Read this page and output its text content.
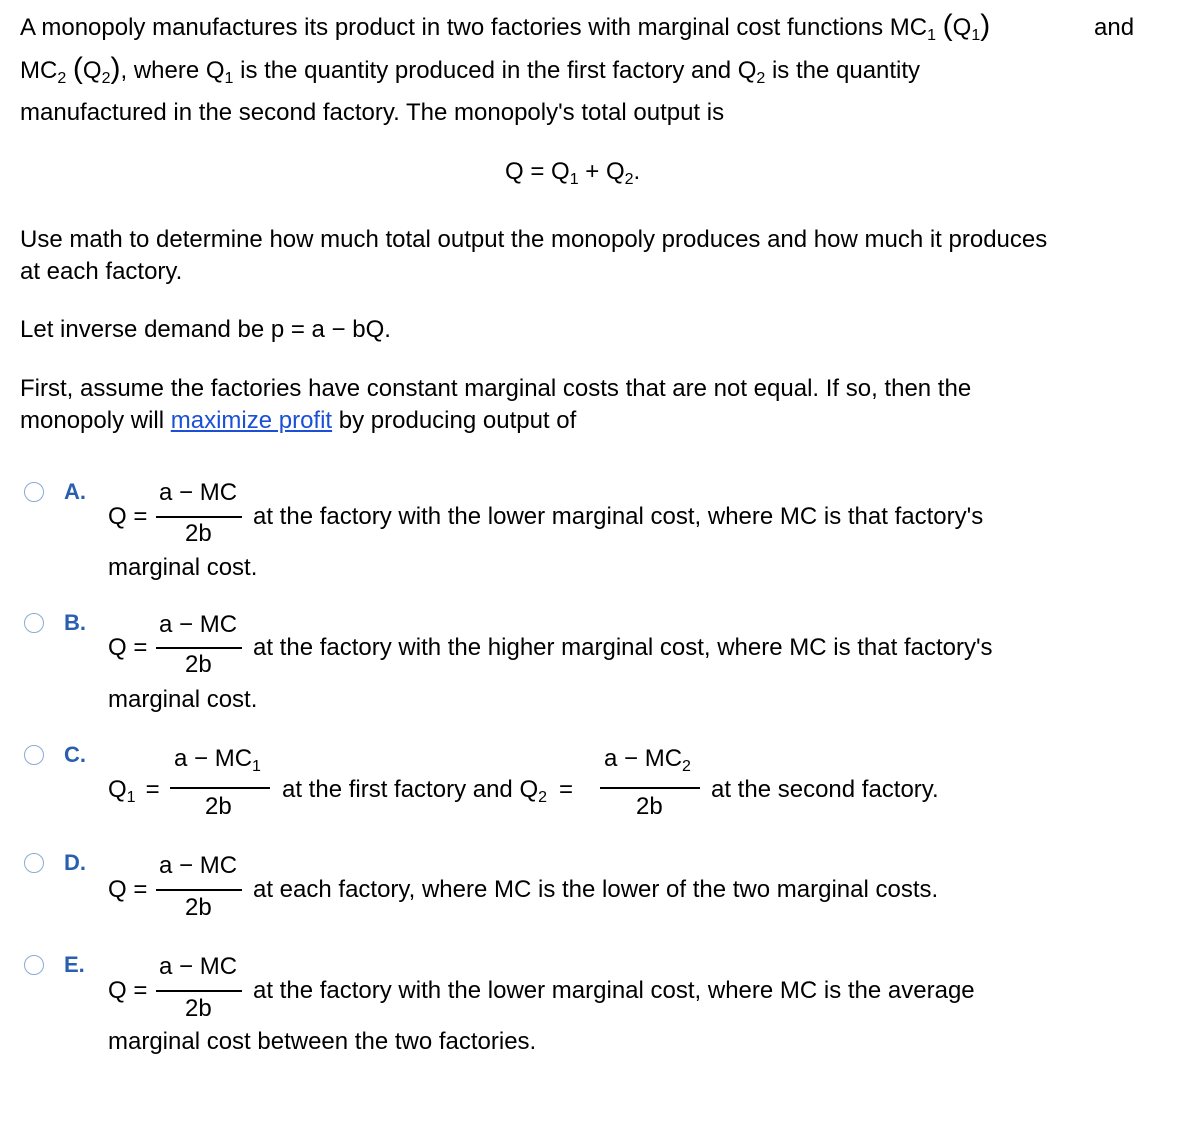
A monopoly manufactures its product in two factories with marginal cost functions $MC_1$ $(Q_1)$	and
$MC_2$ $(Q_2)$, where $Q_1$ is the quantity produced in the first factory and $Q_2$ is the quantity
manufactured in the second factory. The monopoly's total output is
$Q = Q_1 + Q_2$.
Use math to determine how much total output the monopoly produces and how much it produces
at each factory.
Let inverse demand be p = a − bQ.
First, assume the factories have constant marginal costs that are not equal. If so, then the
monopoly will maximize profit by producing output of
A.
Q =
a − MC
2b
at the factory with the lower marginal cost, where MC is that factory's
marginal cost.
B.
Q =
a − MC
2b
at the factory with the higher marginal cost, where MC is that factory's
marginal cost.
C.
$Q_1$ =
$a - MC_1$
2b
at the first factory and $Q_2$ =
$a - MC_2$
2b
at the second factory.
D.
Q =
a − MC
2b
at each factory, where MC is the lower of the two marginal costs.
E.
Q =
a − MC
2b
at the factory with the lower marginal cost, where MC is the average
marginal cost between the two factories.
